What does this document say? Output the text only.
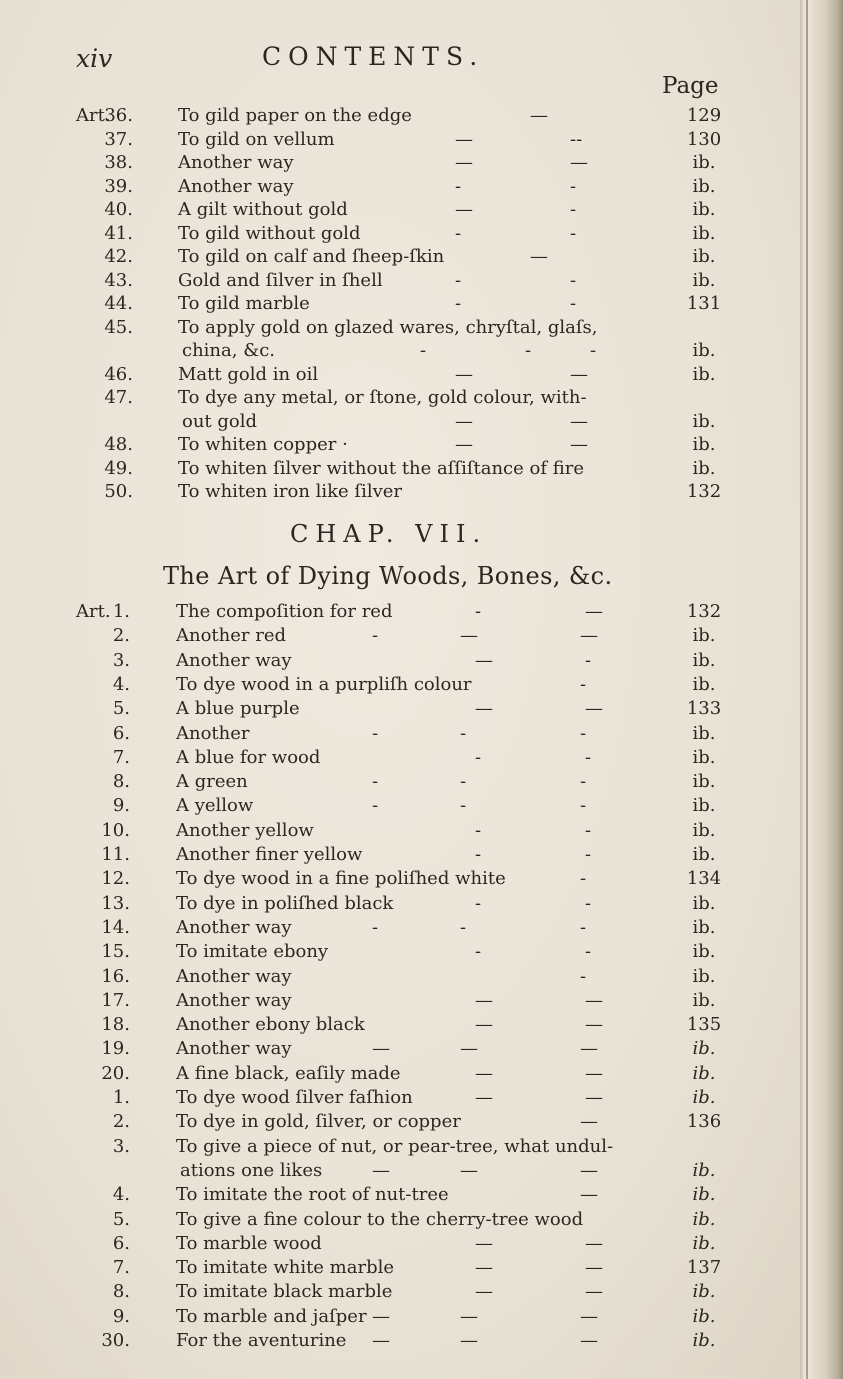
xiv	CONTENTS.
Page
Art.
36.	To gild paper on the edge	—	129
37.	To gild on vellum	—	--	130
38.	Another way	—	—	ib.
39.	Another way	-	-	ib.
40.	A gilt without gold	—	-	ib.
41.	To gild without gold	-	-	ib.
42.	To gild on calf and ſheep-ſkin	—	ib.
43.	Gold and ſilver in ſhell	-	-	ib.
44.	To gild marble	-	-	131
45.	To apply gold on glazed wares, chryſtal, glaſs,
china, &c.	-	-	-	ib.
46.	Matt gold in oil	—	—	ib.
47.	To dye any metal, or ſtone, gold colour, with-
out gold	—	—	ib.
48.	To whiten copper ·	—	—	ib.
49.	To whiten ſilver without the aſſiſtance of fire	ib.
50.	To whiten iron like ſilver	132
CHAP. VII.
The Art of Dying Woods, Bones, &c.
Art. 1.	The compoſition for red	-	—	132
2.	Another red	-	—	—	ib.
3.	Another way	—	-	ib.
4.	To dye wood in a purpliſh colour	-	ib.
5.	A blue purple	—	—	133
6.	Another	-	-	-	ib.
7.	A blue for wood	-	-	ib.
8.	A green	-	-	-	ib.
9.	A yellow	-	-	-	ib.
10.	Another yellow	-	-	ib.
11.	Another finer yellow	-	-	ib.
12.	To dye wood in a fine poliſhed white	-	134
13.	To dye in poliſhed black	-	-	ib.
14.	Another way	-	-	-	ib.
15.	To imitate ebony	-	-	ib.
16.	Another way	-	ib.
17.	Another way	—	—	ib.
18.	Another ebony black	—	—	135
19.	Another way	—	—	—	ib.
20.	A fine black, eaſily made	—	—	ib.
1.	To dye wood ſilver faſhion	—	—	ib.
2.	To dye in gold, ſilver, or copper	—	136
3.	To give a piece of nut, or pear-tree, what undul-
ations one likes	—	—	—	ib.
4.	To imitate the root of nut-tree	—	ib.
5.	To give a fine colour to the cherry-tree wood	ib.
6.	To marble wood	—	—	ib.
7.	To imitate white marble	—	—	137
8.	To imitate black marble	—	—	ib.
9.	To marble and jaſper —	—	—	ib.
30.	For the aventurine —	—	—	ib.
